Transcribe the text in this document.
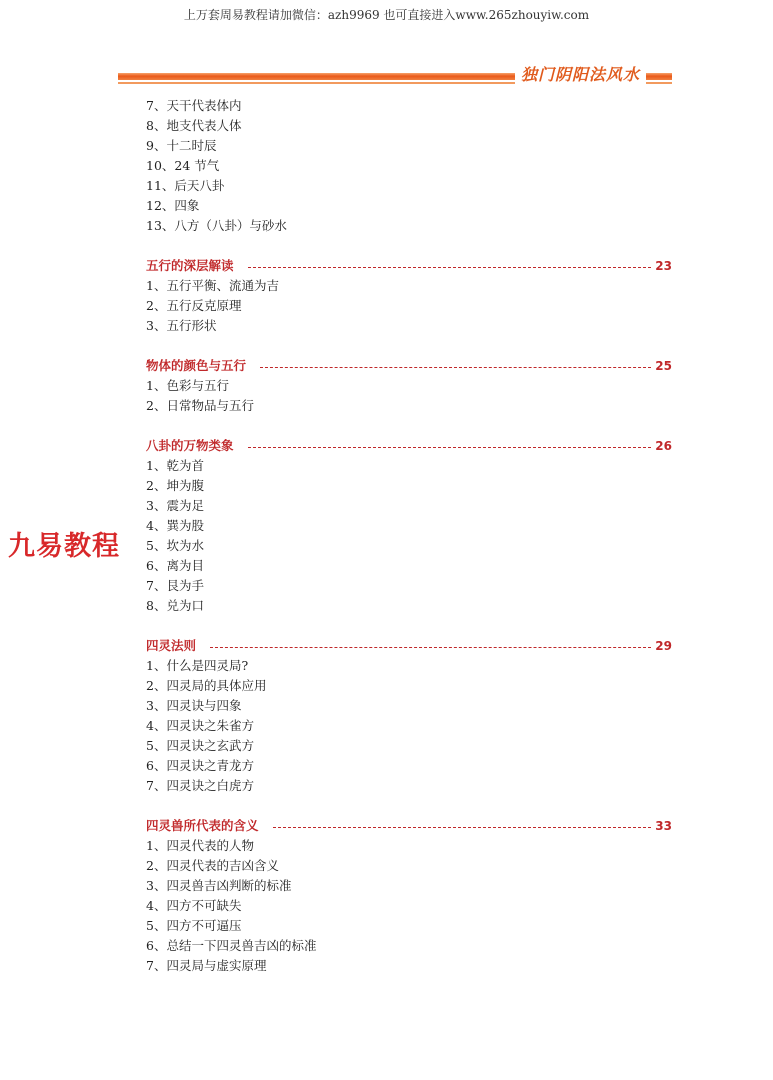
上万套周易教程请加微信：azh9969 也可直接进入www.265zhouyiw.com
独门阴阳法风水
7、天干代表体内
8、地支代表人体
9、十二时辰
10、24 节气
11、后天八卦
12、四象
13、八方（八卦）与砂水
五行的深层解读	23
1、五行平衡、流通为吉
2、五行反克原理
3、五行形状
物体的颜色与五行	25
1、色彩与五行
2、日常物品与五行
八卦的万物类象	26
1、乾为首
2、坤为腹
3、震为足
4、巽为股
5、坎为水
6、离为目
7、艮为手
8、兑为口
四灵法则	29
1、什么是四灵局?
2、四灵局的具体应用
3、四灵诀与四象
4、四灵诀之朱雀方
5、四灵诀之玄武方
6、四灵诀之青龙方
7、四灵诀之白虎方
四灵兽所代表的含义	33
1、四灵代表的人物
2、四灵代表的吉凶含义
3、四灵兽吉凶判断的标准
4、四方不可缺失
5、四方不可逼压
6、总结一下四灵兽吉凶的标准
7、四灵局与虚实原理
九易教程
